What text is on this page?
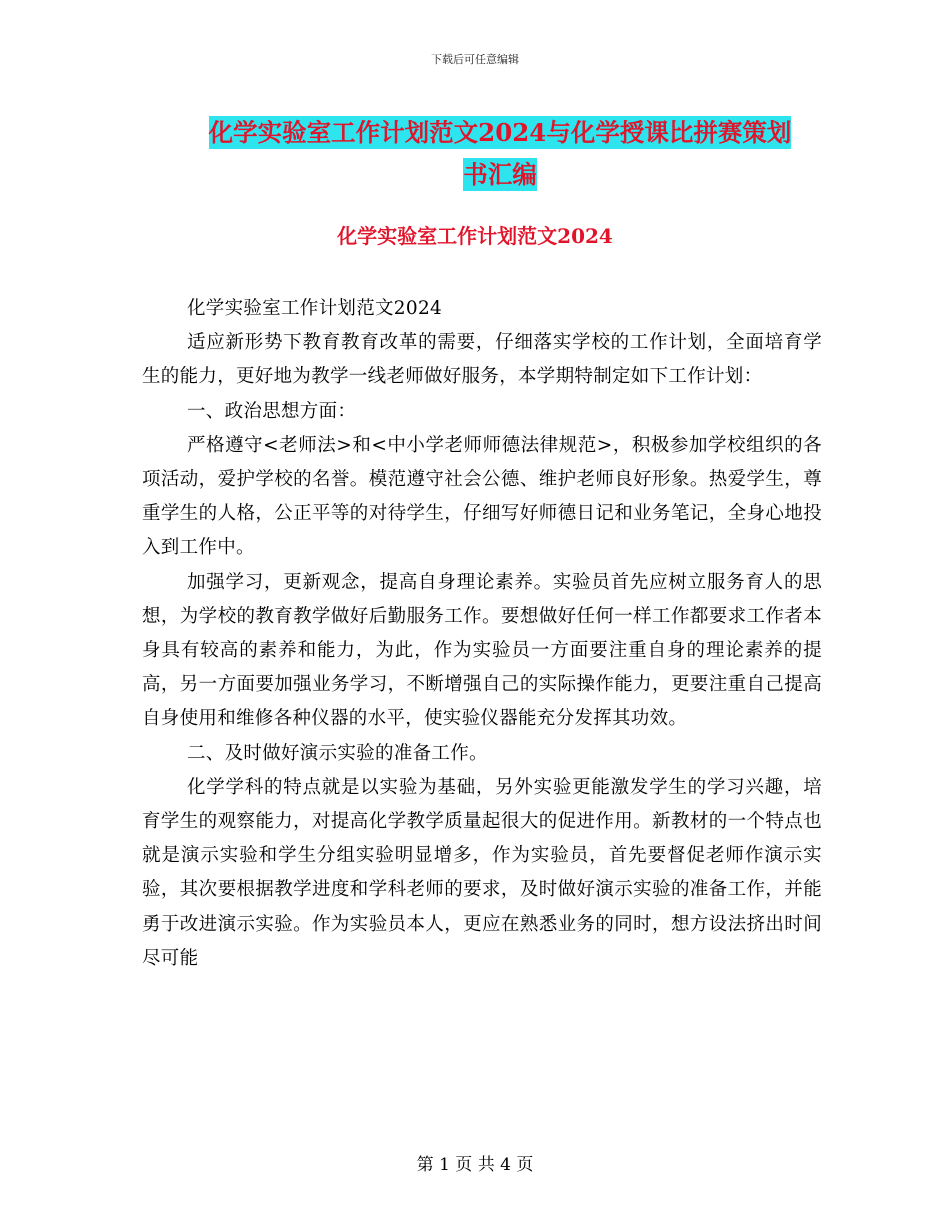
下载后可任意编辑
化学实验室工作计划范文2024与化学授课比拼赛策划
书汇编
化学实验室工作计划范文2024

化学实验室工作计划范文2024

适应新形势下教育教育改革的需要，仔细落实学校的工作计划，全面培育学生的能力，更好地为教学一线老师做好服务，本学期特制定如下工作计划：

一、政治思想方面：

严格遵守<老师法>和<中小学老师师德法律规范>，积极参加学校组织的各项活动，爱护学校的名誉。模范遵守社会公德、维护老师良好形象。热爱学生，尊重学生的人格，公正平等的对待学生，仔细写好师德日记和业务笔记，全身心地投入到工作中。

加强学习，更新观念，提高自身理论素养。实验员首先应树立服务育人的思想，为学校的教育教学做好后勤服务工作。要想做好任何一样工作都要求工作者本身具有较高的素养和能力，为此，作为实验员一方面要注重自身的理论素养的提高，另一方面要加强业务学习，不断增强自己的实际操作能力，更要注重自己提高自身使用和维修各种仪器的水平，使实验仪器能充分发挥其功效。

二、及时做好演示实验的准备工作。

化学学科的特点就是以实验为基础，另外实验更能激发学生的学习兴趣，培育学生的观察能力，对提高化学教学质量起很大的促进作用。新教材的一个特点也就是演示实验和学生分组实验明显增多，作为实验员，首先要督促老师作演示实验，其次要根据教学进度和学科老师的要求，及时做好演示实验的准备工作，并能勇于改进演示实验。作为实验员本人，更应在熟悉业务的同时，想方设法挤出时间尽可能

第 1 页 共 4 页
